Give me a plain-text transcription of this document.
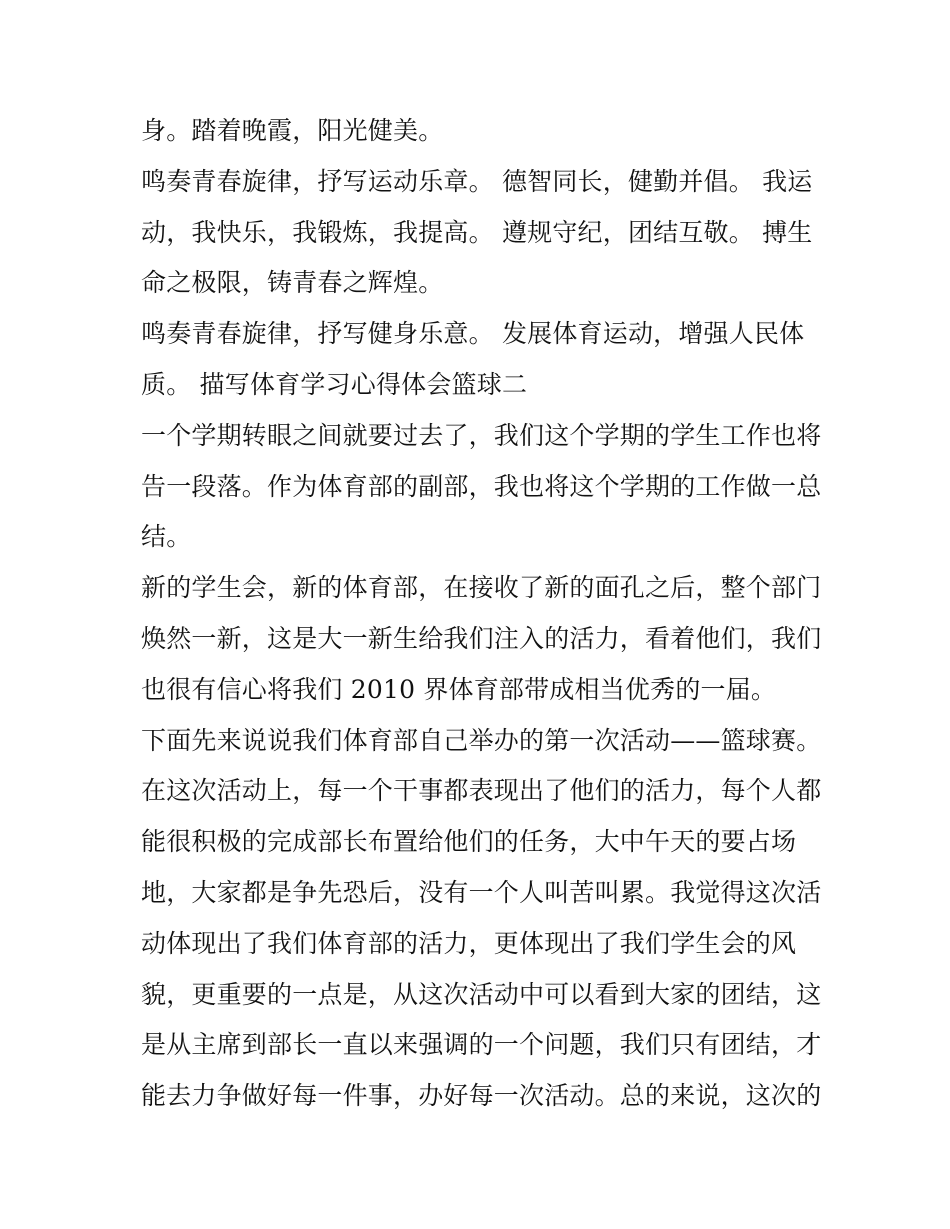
身。踏着晚霞，阳光健美。
鸣奏青春旋律，抒写运动乐章。 德智同长，健勤并倡。 我运
动，我快乐，我锻炼，我提高。 遵规守纪，团结互敬。 搏生
命之极限，铸青春之辉煌。
鸣奏青春旋律，抒写健身乐意。 发展体育运动，增强人民体
质。 描写体育学习心得体会篮球二
一个学期转眼之间就要过去了，我们这个学期的学生工作也将
告一段落。作为体育部的副部，我也将这个学期的工作做一总
结。
新的学生会，新的体育部，在接收了新的面孔之后，整个部门
焕然一新，这是大一新生给我们注入的活力，看着他们，我们
也很有信心将我们 2010 界体育部带成相当优秀的一届。
下面先来说说我们体育部自己举办的第一次活动——篮球赛。
在这次活动上，每一个干事都表现出了他们的活力，每个人都
能很积极的完成部长布置给他们的任务，大中午天的要占场
地，大家都是争先恐后，没有一个人叫苦叫累。我觉得这次活
动体现出了我们体育部的活力，更体现出了我们学生会的风
貌，更重要的一点是，从这次活动中可以看到大家的团结，这
是从主席到部长一直以来强调的一个问题，我们只有团结，才
能去力争做好每一件事，办好每一次活动。总的来说，这次的
